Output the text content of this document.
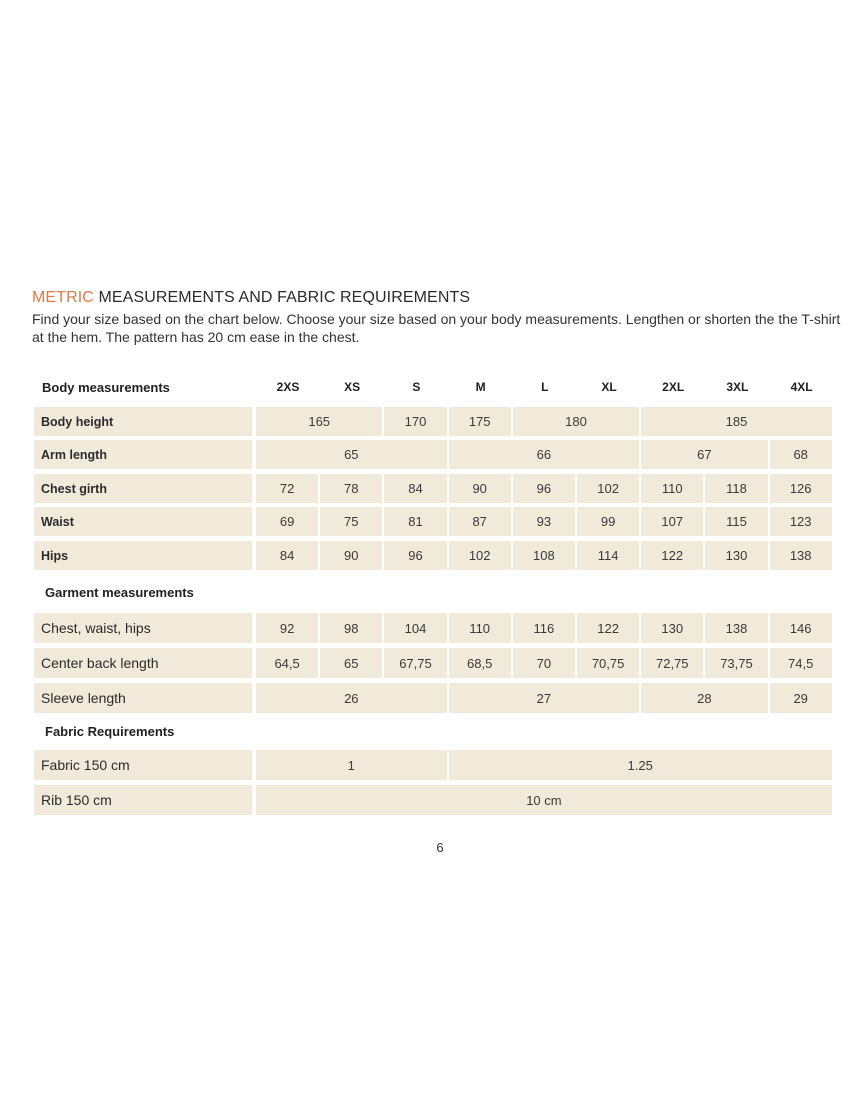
METRIC MEASUREMENTS AND FABRIC REQUIREMENTS
Find your size based on the chart below. Choose your size based on your body measurements. Lengthen or shorten the the T-shirt at the hem. The pattern has 20 cm ease in the chest.
Body measurements	2XS	XS	S	M	L	XL	2XL	3XL	4XL
Body height	165	170	175	180	185
Arm length	65	66	67	68
Chest girth	72	78	84	90	96	102	110	118	126
Waist	69	75	81	87	93	99	107	115	123
Hips	84	90	96	102	108	114	122	130	138
Garment measurements
Chest, waist, hips	92	98	104	110	116	122	130	138	146
Center back length	64,5	65	67,75	68,5	70	70,75	72,75	73,75	74,5
Sleeve length	26	27	28	29
Fabric Requirements
Fabric 150 cm	1	1.25
Rib 150 cm	10 cm
6
